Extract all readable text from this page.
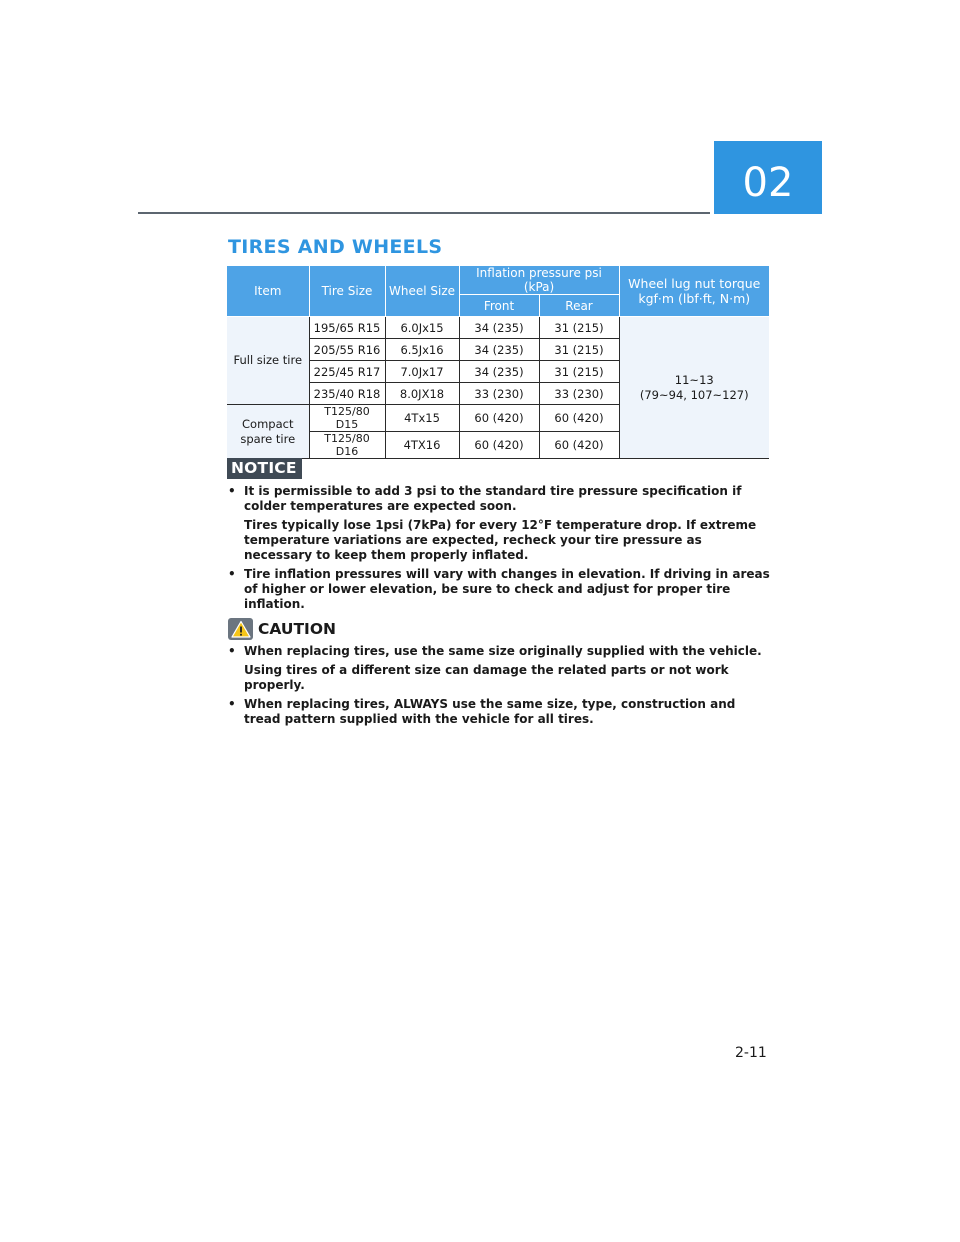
02
TIRES AND WHEELS
Item	Tire Size	Wheel Size	Inflation pressure psi (kPa)		Wheel lug nut torque kgf·m (lbf·ft, N·m)
			Front	Rear	
Full size tire	195/65 R15	6.0Jx15	34 (235)	31 (215)	11~13
(79~94, 107~127)

	205/55 R16	6.5Jx16	34 (235)	31 (215)	
	225/45 R17	7.0Jx17	34 (235)	31 (215)	
	235/40 R18	8.0JX18	33 (230)	33 (230)	
Compact spare tire	T125/80 D15	4Tx15	60 (420)	60 (420)	
	T125/80 D16	4TX16	60 (420)	60 (420)	
NOTICE
• It is permissible to add 3 psi to the standard tire pressure specification if colder temperatures are expected soon.

Tires typically lose 1psi (7kPa) for every 12°F temperature drop. If extreme temperature variations are expected, recheck your tire pressure as necessary to keep them properly inflated.

• Tire inflation pressures will vary with changes in elevation. If driving in areas of higher or lower elevation, be sure to check and adjust for proper tire inflation.

CAUTION
• When replacing tires, use the same size originally supplied with the vehicle.

Using tires of a different size can damage the related parts or not work properly.

• When replacing tires, ALWAYS use the same size, type, construction and tread pattern supplied with the vehicle for all tires.

2-11
